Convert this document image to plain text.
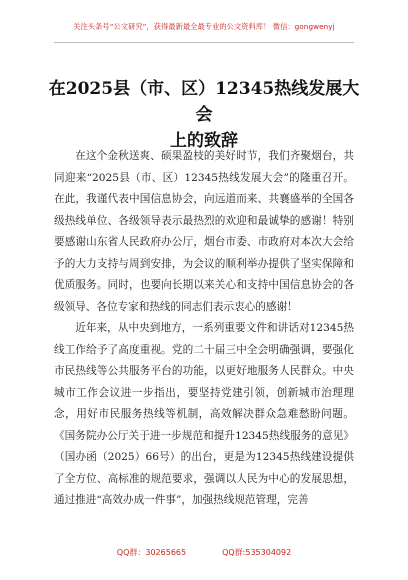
关注头条号“公文研究”，获得最新最全最专业的公文资料库！ 微信：gongwenyj
在2025县（市、区）12345热线发展大会
上的致辞

在这个金秋送爽、硕果盈枝的美好时节，我们齐聚烟台，共同迎来“2025县（市、区）12345热线发展大会”的隆重召开。在此，我谨代表中国信息协会，向远道而来、共襄盛举的全国各级热线单位、各级领导表示最热烈的欢迎和最诚挚的感谢！特别要感谢山东省人民政府办公厅，烟台市委、市政府对本次大会给予的大力支持与周到安排，为会议的顺利举办提供了坚实保障和优质服务。同时，也要向长期以来关心和支持中国信息协会的各级领导、各位专家和热线的同志们表示衷心的感谢！

近年来，从中央到地方，一系列重要文件和讲话对12345热线工作给予了高度重视。党的二十届三中全会明确强调，要强化市民热线等公共服务平台的功能，以更好地服务人民群众。中央城市工作会议进一步指出，要坚持党建引领，创新城市治理理念，用好市民服务热线等机制，高效解决群众急难愁盼问题。《国务院办公厅关于进一步规范和提升12345热线服务的意见》（国办函（2025）66号）的出台，更是为12345热线建设提供了全方位、高标准的规范要求，强调以人民为中心的发展思想，通过推进“高效办成一件事”，加强热线规范管理，完善

QQ群：30265665	QQ群:535304092
